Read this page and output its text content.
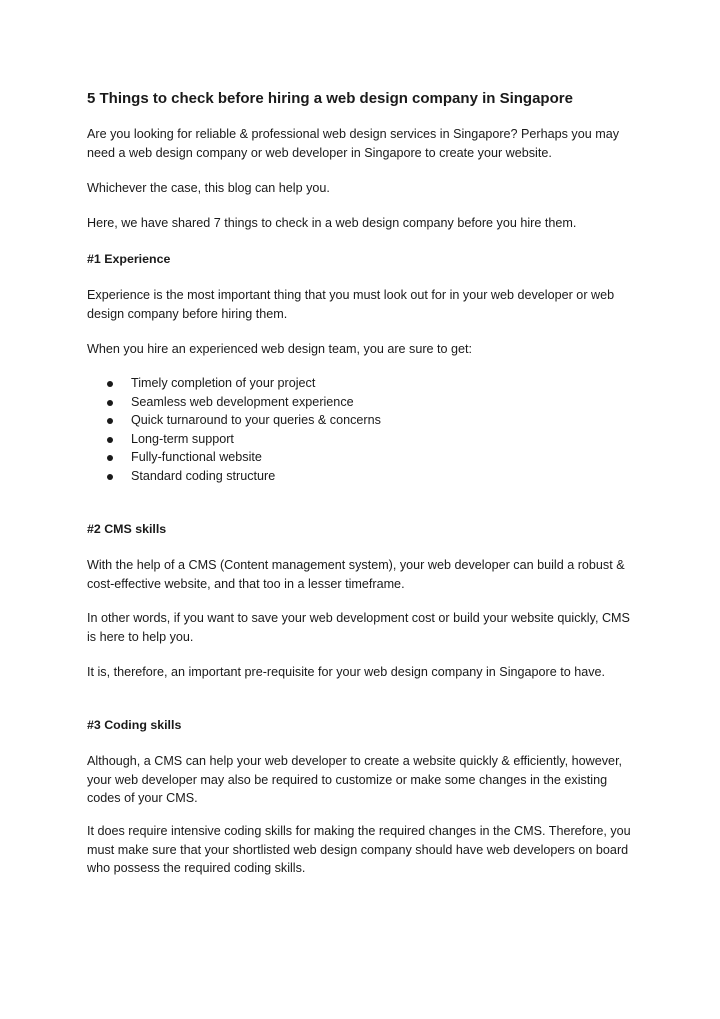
5 Things to check before hiring a web design company in Singapore

Are you looking for reliable & professional web design services in Singapore? Perhaps you may need a web design company or web developer in Singapore to create your website.

Whichever the case, this blog can help you.

Here, we have shared 7 things to check in a web design company before you hire them.

#1 Experience

Experience is the most important thing that you must look out for in your web developer or web design company before hiring them.

When you hire an experienced web design team, you are sure to get:

Timely completion of your project
Seamless web development experience
Quick turnaround to your queries & concerns
Long-term support
Fully-functional website
Standard coding structure

#2 CMS skills

With the help of a CMS (Content management system), your web developer can build a robust & cost-effective website, and that too in a lesser timeframe.

In other words, if you want to save your web development cost or build your website quickly, CMS is here to help you.

It is, therefore, an important pre-requisite for your web design company in Singapore to have.

#3 Coding skills

Although, a CMS can help your web developer to create a website quickly & efficiently, however, your web developer may also be required to customize or make some changes in the existing codes of your CMS.

It does require intensive coding skills for making the required changes in the CMS. Therefore, you must make sure that your shortlisted web design company should have web developers on board who possess the required coding skills.
